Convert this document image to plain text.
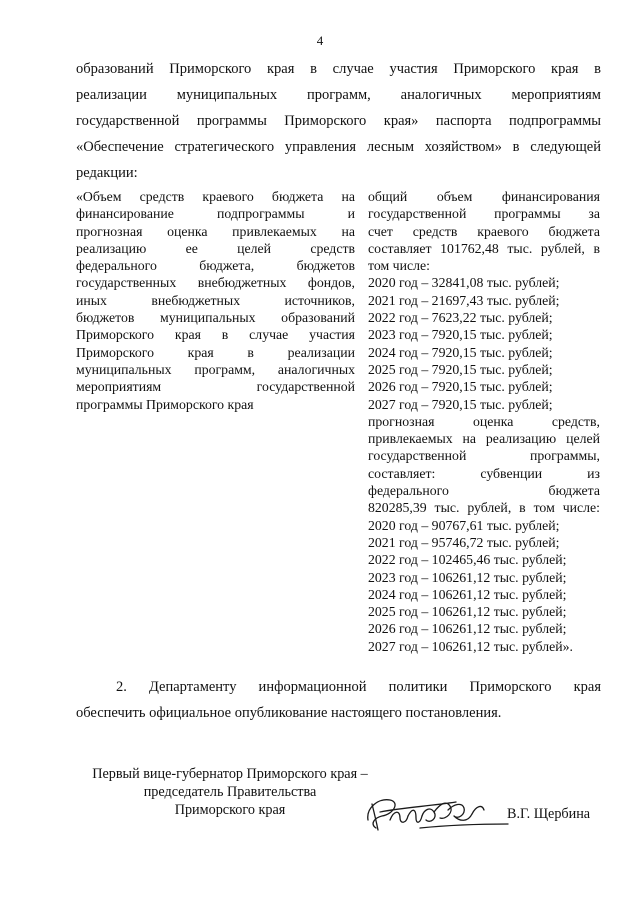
4
образований Приморского края в случае участия Приморского края в
реализации муниципальных программ, аналогичных мероприятиям
государственной программы Приморского края» паспорта подпрограммы
«Обеспечение стратегического управления лесным хозяйством» в следующей
редакции:
«Объем средств краевого бюджета на
финансирование подпрограммы и
прогнозная оценка привлекаемых на
реализацию ее целей средств
федерального бюджета, бюджетов
государственных внебюджетных фондов,
иных внебюджетных источников,
бюджетов муниципальных образований
Приморского края в случае участия
Приморского края в реализации
муниципальных программ, аналогичных
мероприятиям государственной
программы Приморского края
общий объем финансирования
государственной программы за
счет средств краевого бюджета
составляет 101762,48 тыс. рублей, в
том числе:
2020 год – 32841,08 тыс. рублей;
2021 год – 21697,43 тыс. рублей;
2022 год – 7623,22 тыс. рублей;
2023 год – 7920,15 тыс. рублей;
2024 год – 7920,15 тыс. рублей;
2025 год – 7920,15 тыс. рублей;
2026 год – 7920,15 тыс. рублей;
2027 год – 7920,15 тыс. рублей;
прогнозная оценка средств,
привлекаемых на реализацию целей
государственной программы,
составляет: субвенции из
федерального бюджета
820285,39 тыс. рублей, в том числе:
2020 год – 90767,61 тыс. рублей;
2021 год – 95746,72 тыс. рублей;
2022 год – 102465,46 тыс. рублей;
2023 год – 106261,12 тыс. рублей;
2024 год – 106261,12 тыс. рублей;
2025 год – 106261,12 тыс. рублей;
2026 год – 106261,12 тыс. рублей;
2027 год – 106261,12 тыс. рублей».
2. Департаменту информационной политики Приморского края
обеспечить официальное опубликование настоящего постановления.
Первый вице-губернатор Приморского края –
председатель Правительства
Приморского края	В.Г. Щербина
